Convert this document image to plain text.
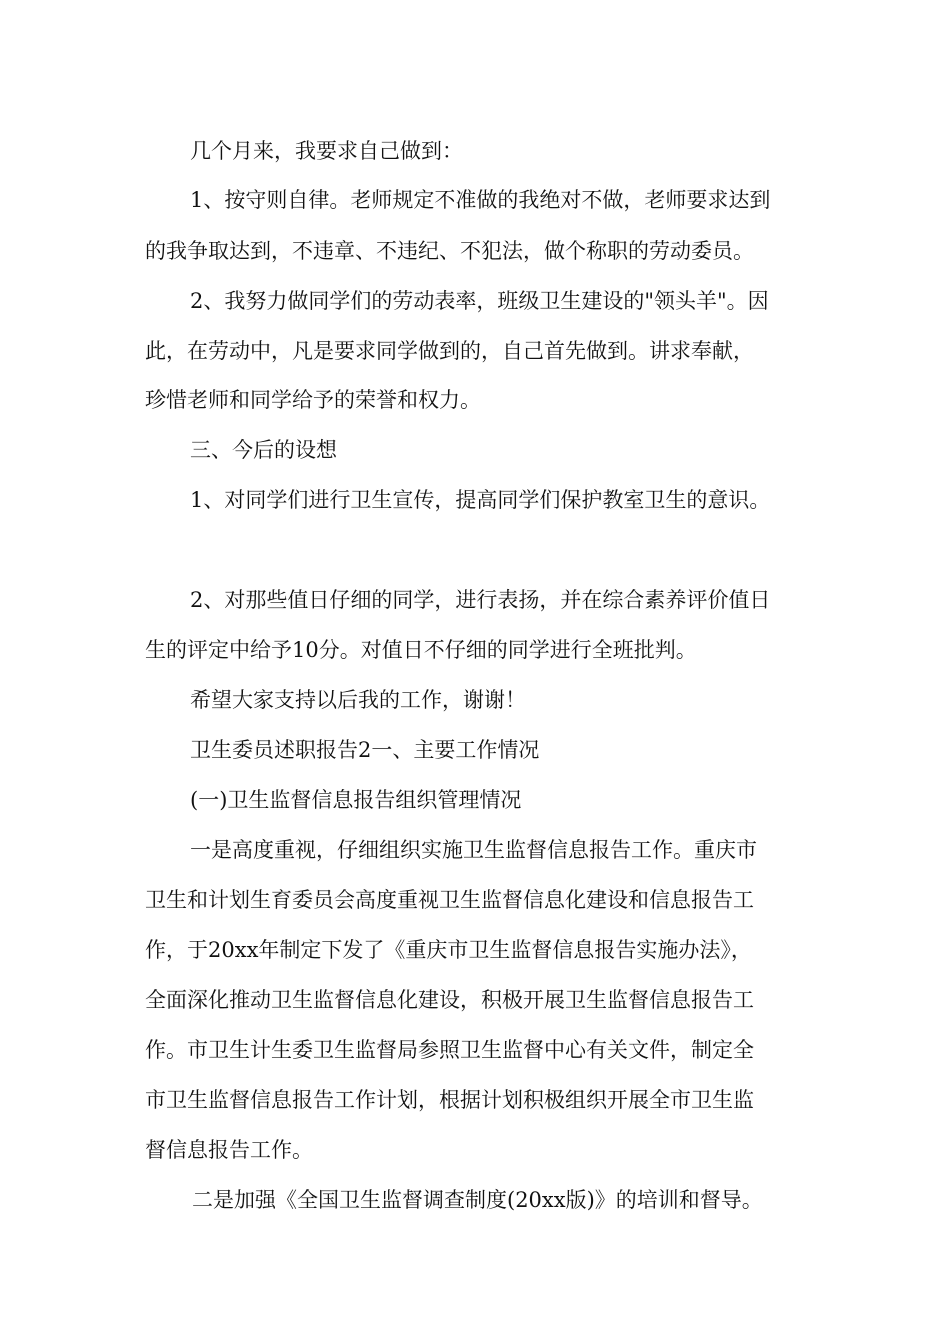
几个月来，我要求自己做到：
1、按守则自律。老师规定不准做的我绝对不做，老师要求达到
的我争取达到，不违章、不违纪、不犯法，做个称职的劳动委员。
2、我努力做同学们的劳动表率，班级卫生建设的"领头羊"。因
此，在劳动中，凡是要求同学做到的，自己首先做到。讲求奉献，
珍惜老师和同学给予的荣誉和权力。
三、今后的设想
1、对同学们进行卫生宣传，提高同学们保护教室卫生的意识。
2、对那些值日仔细的同学，进行表扬，并在综合素养评价值日
生的评定中给予10分。对值日不仔细的同学进行全班批判。
希望大家支持以后我的工作，谢谢！
卫生委员述职报告2一、主要工作情况
(一)卫生监督信息报告组织管理情况
一是高度重视，仔细组织实施卫生监督信息报告工作。重庆市
卫生和计划生育委员会高度重视卫生监督信息化建设和信息报告工
作，于20xx年制定下发了《重庆市卫生监督信息报告实施办法》，
全面深化推动卫生监督信息化建设，积极开展卫生监督信息报告工
作。市卫生计生委卫生监督局参照卫生监督中心有关文件，制定全
市卫生监督信息报告工作计划，根据计划积极组织开展全市卫生监
督信息报告工作。
二是加强《全国卫生监督调查制度(20xx版)》的培训和督导。
